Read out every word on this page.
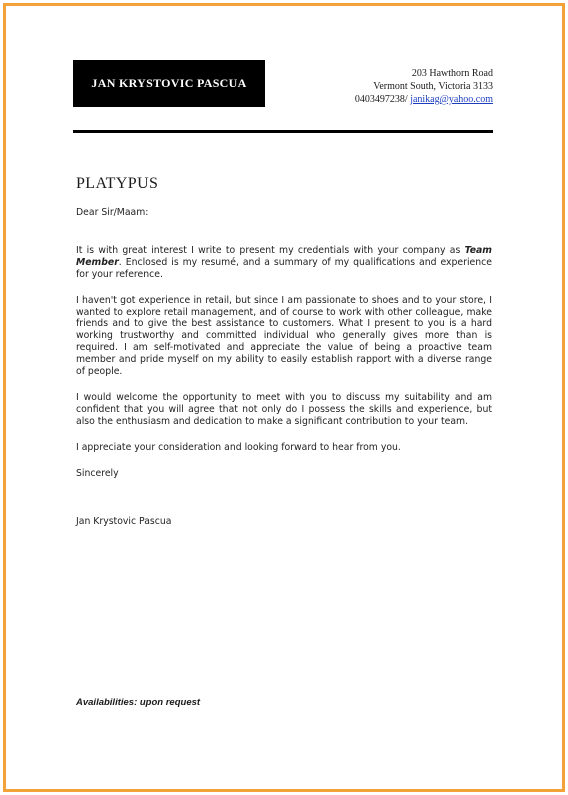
JAN KRYSTOVIC PASCUA
203 Hawthorn Road
Vermont South, Victoria 3133
0403497238/ janikag@yahoo.com
PLATYPUS

Dear Sir/Maam:

It is with great interest I write to present my credentials with your company as Team Member. Enclosed is my resumé, and a summary of my qualifications and experience for your reference.

I haven't got experience in retail, but since I am passionate to shoes and to your store, I wanted to explore retail management, and of course to work with other colleague, make friends and to give the best assistance to customers. What I present to you is a hard working trustworthy and committed individual who generally gives more than is required. I am self-motivated and appreciate the value of being a proactive team member and pride myself on my ability to easily establish rapport with a diverse range of people.

I would welcome the opportunity to meet with you to discuss my suitability and am confident that you will agree that not only do I possess the skills and experience, but also the enthusiasm and dedication to make a significant contribution to your team.

I appreciate your consideration and looking forward to hear from you.

Sincerely

Jan Krystovic Pascua

Availabilities: upon request
